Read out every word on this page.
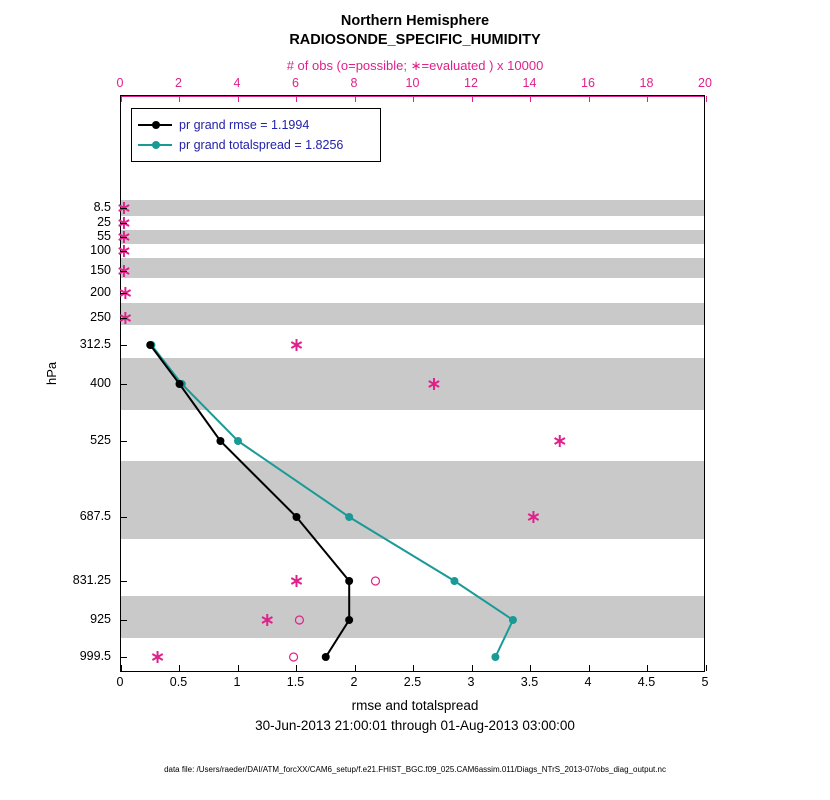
Northern Hemisphere
RADIOSONDE_SPECIFIC_HUMIDITY
# of obs (o=possible; ∗=evaluated ) x 10000
0	2	4	6	8	10	12	14	16	18	20
0	0.5	1	1.5	2	2.5	3	3.5	4	4.5	5
8.5
25
55
100
150
200
250
312.5
400
525
687.5
831.25
925
999.5
hPa
pr grand rmse = 1.1994
pr grand totalspread = 1.8256
rmse and totalspread
30-Jun-2013 21:00:01 through 01-Aug-2013 03:00:00
data file: /Users/raeder/DAI/ATM_forcXX/CAM6_setup/f.e21.FHIST_BGC.f09_025.CAM6assim.011/Diags_NTrS_2013-07/obs_diag_output.nc
